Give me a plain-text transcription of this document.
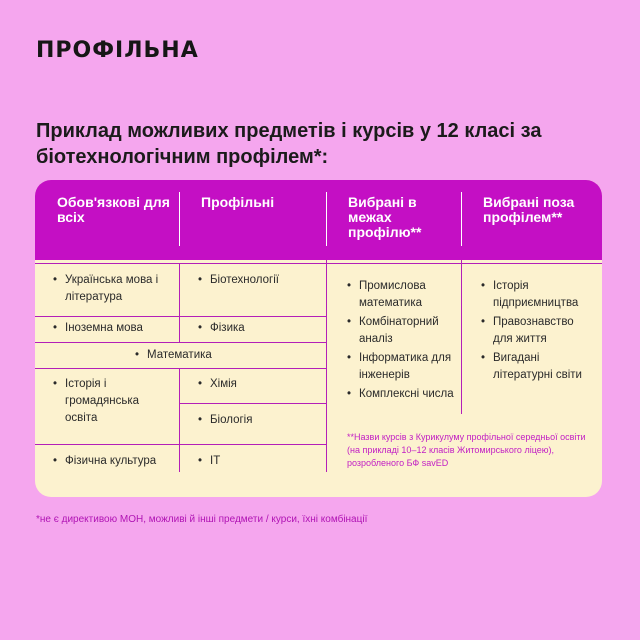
ПРОФІЛЬНА
Приклад можливих предметів і курсів у 12 класі за біотехнологічним профілем*:
Обов'язкові для всіх
Профільні	Вибрані в межах профілю**
Вибрані поза профілем**
• Українська мова і література
• Іноземна мова
• Історія і громадянська освіта
• Фізична культура
• Біотехнології
• Фізика
• Хімія
• Біологія
• ІТ
• Математика
• Промислова математика
• Комбінаторний аналіз
• Інформатика для інженерів
• Комплексні числа
• Історія підприємництва
• Правознавство для життя
• Вигадані літературні світи
**Назви курсів з Курикулуму профільної середньої освіти (на прикладі 10–12 класів Житомирського ліцею), розробленого БФ savED
*не є директивою МОН, можливі й інші предмети / курси, їхні комбінації
